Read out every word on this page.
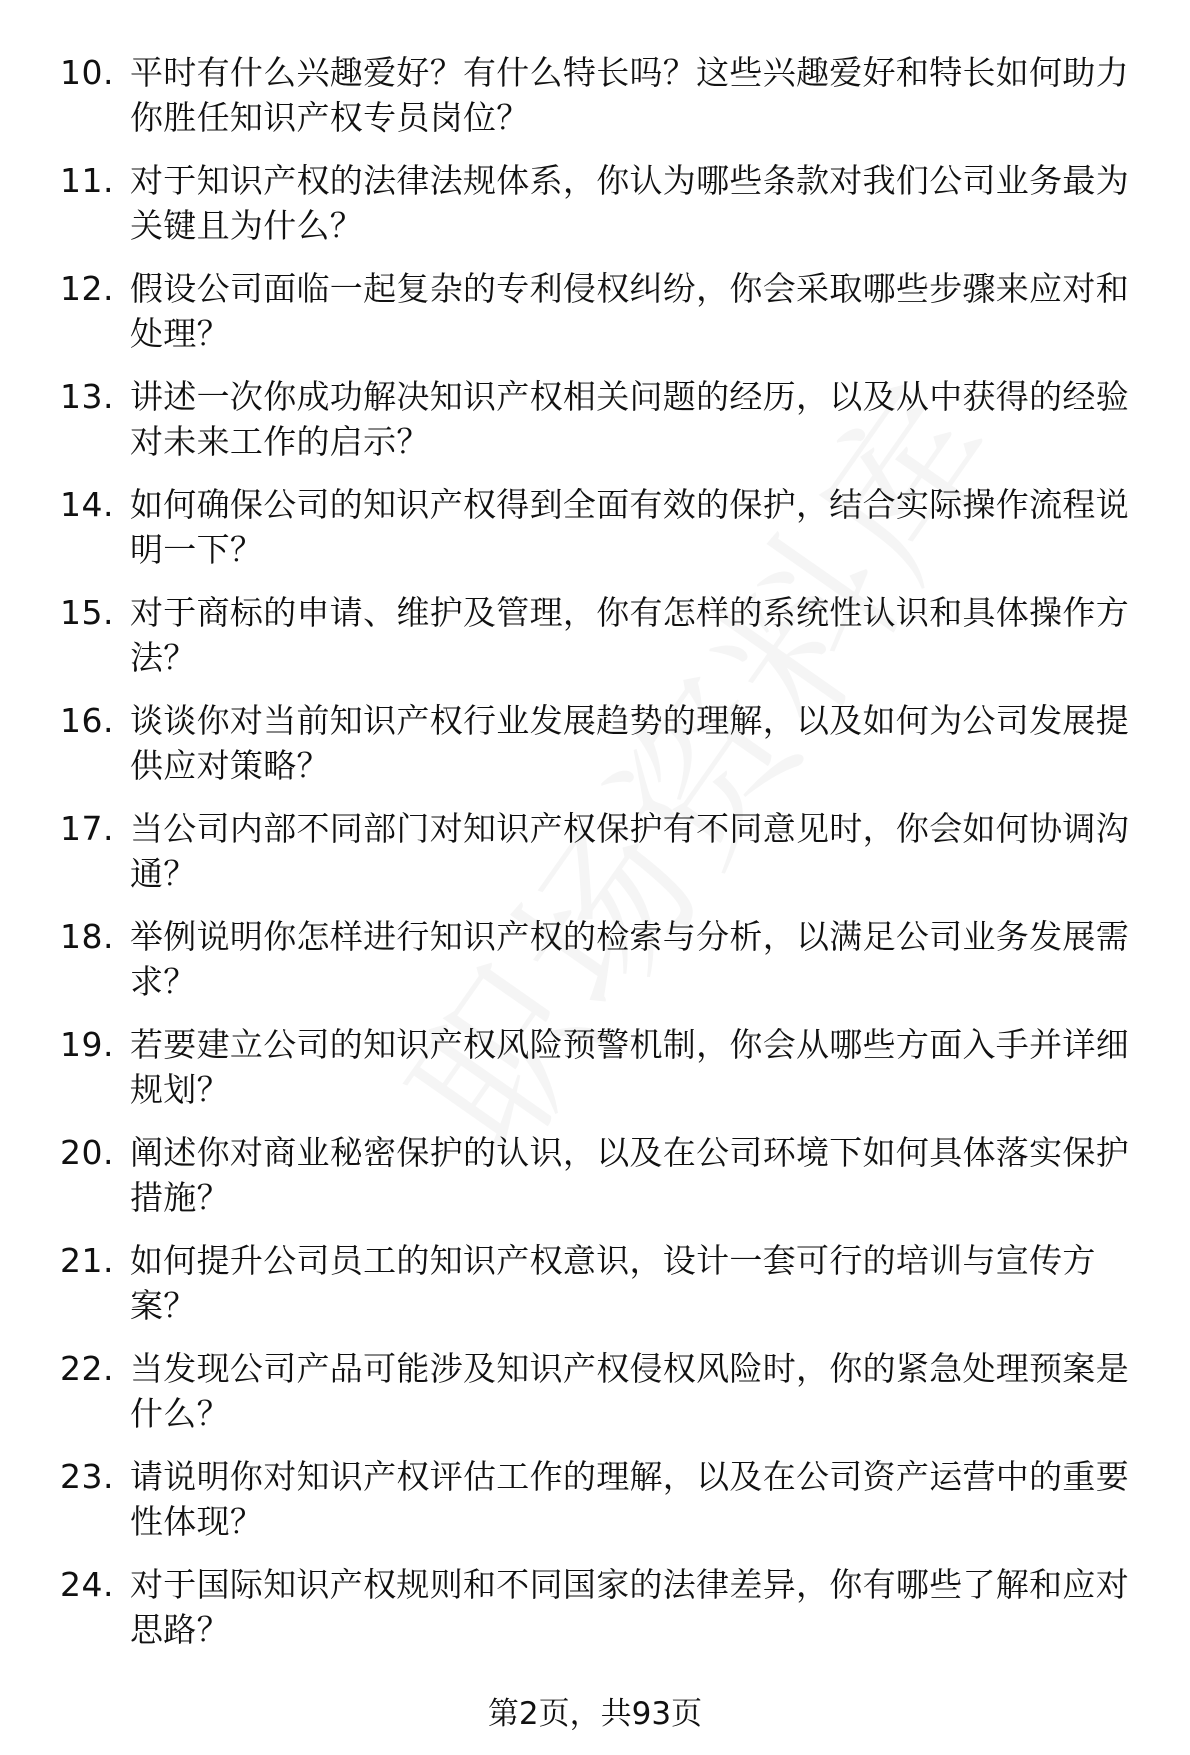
10. 平时有什么兴趣爱好？有什么特长吗？这些兴趣爱好和特长如何助力你胜任知识产权专员岗位？
11. 对于知识产权的法律法规体系，你认为哪些条款对我们公司业务最为关键且为什么？
12. 假设公司面临一起复杂的专利侵权纠纷，你会采取哪些步骤来应对和处理？
13. 讲述一次你成功解决知识产权相关问题的经历，以及从中获得的经验对未来工作的启示？
14. 如何确保公司的知识产权得到全面有效的保护，结合实际操作流程说明一下？
15. 对于商标的申请、维护及管理，你有怎样的系统性认识和具体操作方法？
16. 谈谈你对当前知识产权行业发展趋势的理解，以及如何为公司发展提供应对策略？
17. 当公司内部不同部门对知识产权保护有不同意见时，你会如何协调沟通？
18. 举例说明你怎样进行知识产权的检索与分析，以满足公司业务发展需求？
19. 若要建立公司的知识产权风险预警机制，你会从哪些方面入手并详细规划？
20. 阐述你对商业秘密保护的认识，以及在公司环境下如何具体落实保护措施？
21. 如何提升公司员工的知识产权意识，设计一套可行的培训与宣传方案？
22. 当发现公司产品可能涉及知识产权侵权风险时，你的紧急处理预案是什么？
23. 请说明你对知识产权评估工作的理解，以及在公司资产运营中的重要性体现？
24. 对于国际知识产权规则和不同国家的法律差异，你有哪些了解和应对思路？
第2页，共93页
